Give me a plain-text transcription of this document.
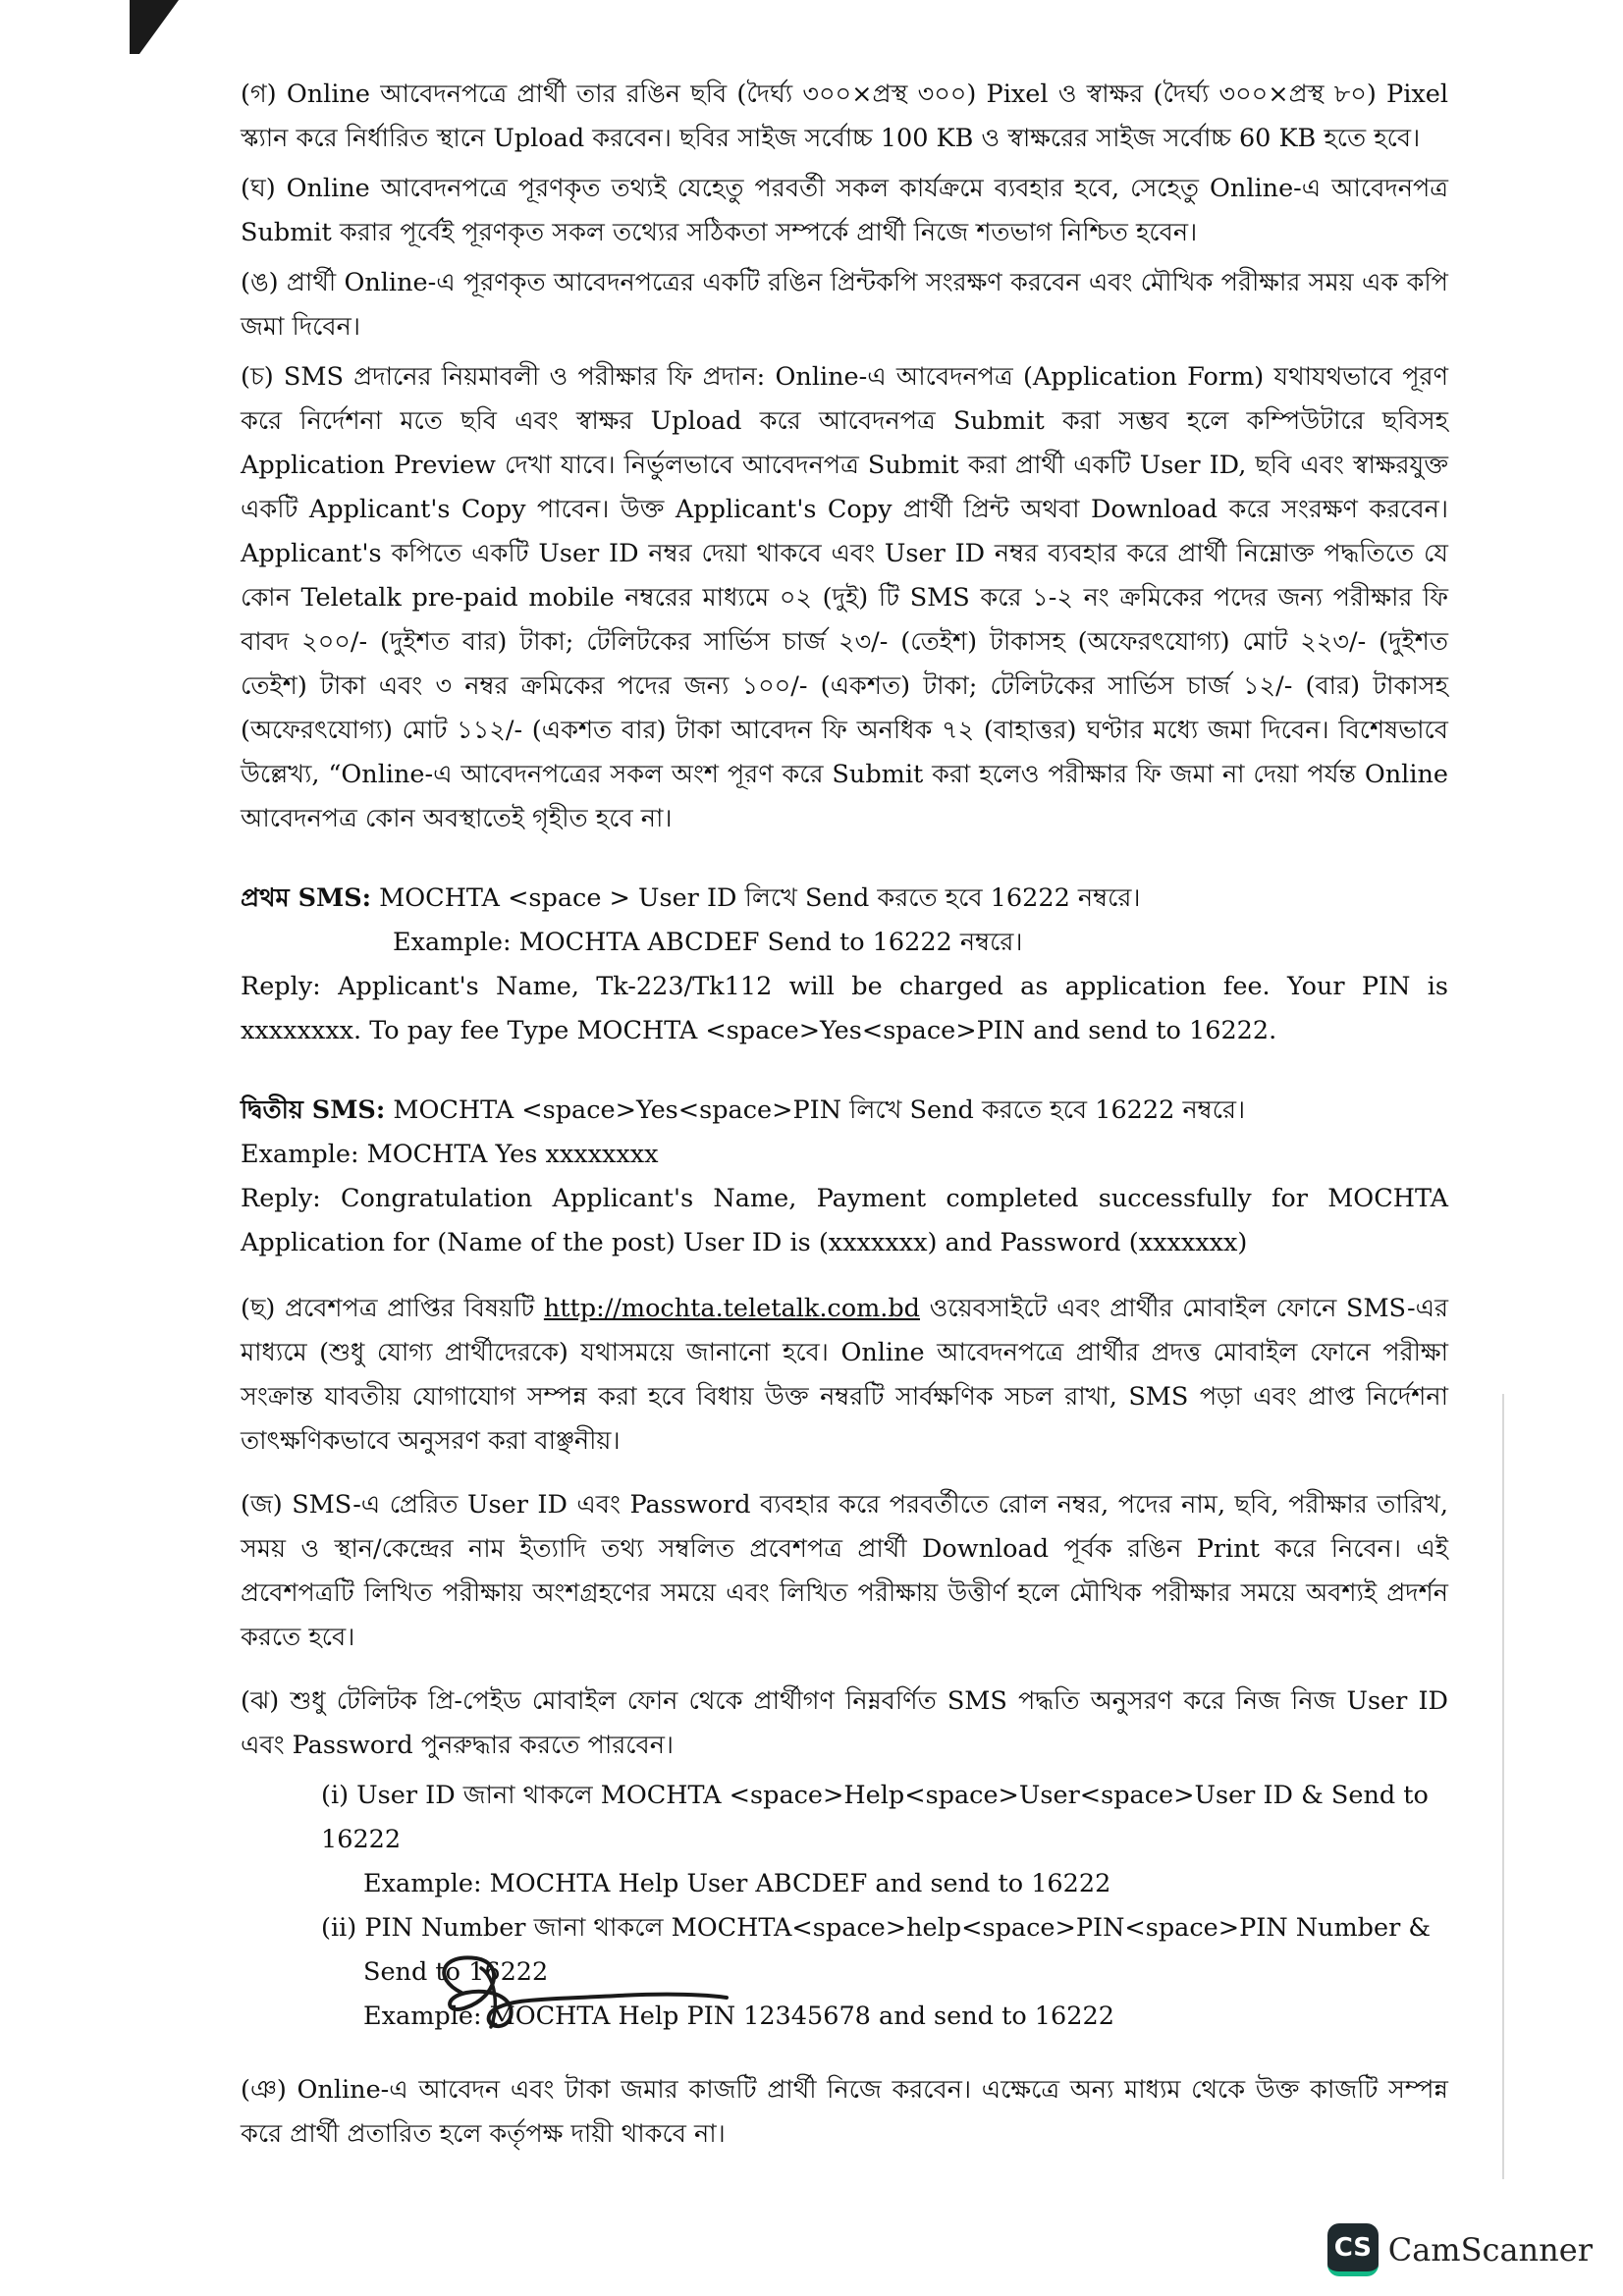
(গ) Online আবেদনপত্রে প্রার্থী তার রঙিন ছবি (দৈর্ঘ্য ৩০০×প্রস্থ ৩০০) Pixel ও স্বাক্ষর (দৈর্ঘ্য ৩০০×প্রস্থ ৮০) Pixel স্ক্যান করে নির্ধারিত স্থানে Upload করবেন। ছবির সাইজ সর্বোচ্চ 100 KB ও স্বাক্ষরের সাইজ সর্বোচ্চ 60 KB হতে হবে।

(ঘ) Online আবেদনপত্রে পূরণকৃত তথ্যই যেহেতু পরবর্তী সকল কার্যক্রমে ব্যবহার হবে, সেহেতু Online-এ আবেদনপত্র Submit করার পূর্বেই পূরণকৃত সকল তথ্যের সঠিকতা সম্পর্কে প্রার্থী নিজে শতভাগ নিশ্চিত হবেন।

(ঙ) প্রার্থী Online-এ পূরণকৃত আবেদনপত্রের একটি রঙিন প্রিন্টকপি সংরক্ষণ করবেন এবং মৌখিক পরীক্ষার সময় এক কপি জমা দিবেন।

(চ) SMS প্রদানের নিয়মাবলী ও পরীক্ষার ফি প্রদান: Online-এ আবেদনপত্র (Application Form) যথাযথভাবে পূরণ করে নির্দেশনা মতে ছবি এবং স্বাক্ষর Upload করে আবেদনপত্র Submit করা সম্ভব হলে কম্পিউটারে ছবিসহ Application Preview দেখা যাবে। নির্ভুলভাবে আবেদনপত্র Submit করা প্রার্থী একটি User ID, ছবি এবং স্বাক্ষরযুক্ত একটি Applicant's Copy পাবেন। উক্ত Applicant's Copy প্রার্থী প্রিন্ট অথবা Download করে সংরক্ষণ করবেন। Applicant's কপিতে একটি User ID নম্বর দেয়া থাকবে এবং User ID নম্বর ব্যবহার করে প্রার্থী নিম্নোক্ত পদ্ধতিতে যে কোন Teletalk pre-paid mobile নম্বরের মাধ্যমে ০২ (দুই) টি SMS করে ১-২ নং ক্রমিকের পদের জন্য পরীক্ষার ফি বাবদ ২০০/- (দুইশত বার) টাকা; টেলিটকের সার্ভিস চার্জ ২৩/- (তেইশ) টাকাসহ (অফেরৎযোগ্য) মোট ২২৩/- (দুইশত তেইশ) টাকা এবং ৩ নম্বর ক্রমিকের পদের জন্য ১০০/- (একশত) টাকা; টেলিটকের সার্ভিস চার্জ ১২/- (বার) টাকাসহ (অফেরৎযোগ্য) মোট ১১২/- (একশত বার) টাকা আবেদন ফি অনধিক ৭২ (বাহাত্তর) ঘণ্টার মধ্যে জমা দিবেন। বিশেষভাবে উল্লেখ্য, “Online-এ আবেদনপত্রের সকল অংশ পূরণ করে Submit করা হলেও পরীক্ষার ফি জমা না দেয়া পর্যন্ত Online আবেদনপত্র কোন অবস্থাতেই গৃহীত হবে না।

প্রথম SMS: MOCHTA <space > User ID লিখে Send করতে হবে 16222 নম্বরে।
Example: MOCHTA ABCDEF Send to 16222 নম্বরে।
Reply: Applicant's Name, Tk-223/Tk112 will be charged as application fee. Your PIN is xxxxxxxx. To pay fee Type MOCHTA <space>Yes<space>PIN and send to 16222.
দ্বিতীয় SMS: MOCHTA <space>Yes<space>PIN লিখে Send করতে হবে 16222 নম্বরে।
Example: MOCHTA Yes xxxxxxxx
Reply: Congratulation Applicant's Name, Payment completed successfully for MOCHTA Application for (Name of the post) User ID is (xxxxxxx) and Password (xxxxxxx)

(ছ) প্রবেশপত্র প্রাপ্তির বিষয়টি http://mochta.teletalk.com.bd ওয়েবসাইটে এবং প্রার্থীর মোবাইল ফোনে SMS-এর মাধ্যমে (শুধু যোগ্য প্রার্থীদেরকে) যথাসময়ে জানানো হবে। Online আবেদনপত্রে প্রার্থীর প্রদত্ত মোবাইল ফোনে পরীক্ষা সংক্রান্ত যাবতীয় যোগাযোগ সম্পন্ন করা হবে বিধায় উক্ত নম্বরটি সার্বক্ষণিক সচল রাখা, SMS পড়া এবং প্রাপ্ত নির্দেশনা তাৎক্ষণিকভাবে অনুসরণ করা বাঞ্ছনীয়।

(জ) SMS-এ প্রেরিত User ID এবং Password ব্যবহার করে পরবর্তীতে রোল নম্বর, পদের নাম, ছবি, পরীক্ষার তারিখ, সময় ও স্থান/কেন্দ্রের নাম ইত্যাদি তথ্য সম্বলিত প্রবেশপত্র প্রার্থী Download পূর্বক রঙিন Print করে নিবেন। এই প্রবেশপত্রটি লিখিত পরীক্ষায় অংশগ্রহণের সময়ে এবং লিখিত পরীক্ষায় উত্তীর্ণ হলে মৌখিক পরীক্ষার সময়ে অবশ্যই প্রদর্শন করতে হবে।

(ঝ) শুধু টেলিটক প্রি-পেইড মোবাইল ফোন থেকে প্রার্থীগণ নিম্নবর্ণিত SMS পদ্ধতি অনুসরণ করে নিজ নিজ User ID এবং Password পুনরুদ্ধার করতে পারবেন।

(i) User ID জানা থাকলে MOCHTA <space>Help<space>User<space>User ID & Send to 16222
Example: MOCHTA Help User ABCDEF and send to 16222
(ii) PIN Number জানা থাকলে MOCHTA<space>help<space>PIN<space>PIN Number &
Send to 16222
Example: MOCHTA Help PIN 12345678 and send to 16222

(ঞ) Online-এ আবেদন এবং টাকা জমার কাজটি প্রার্থী নিজে করবেন। এক্ষেত্রে অন্য মাধ্যম থেকে উক্ত কাজটি সম্পন্ন করে প্রার্থী প্রতারিত হলে কর্তৃপক্ষ দায়ী থাকবে না।

CS CamScanner
